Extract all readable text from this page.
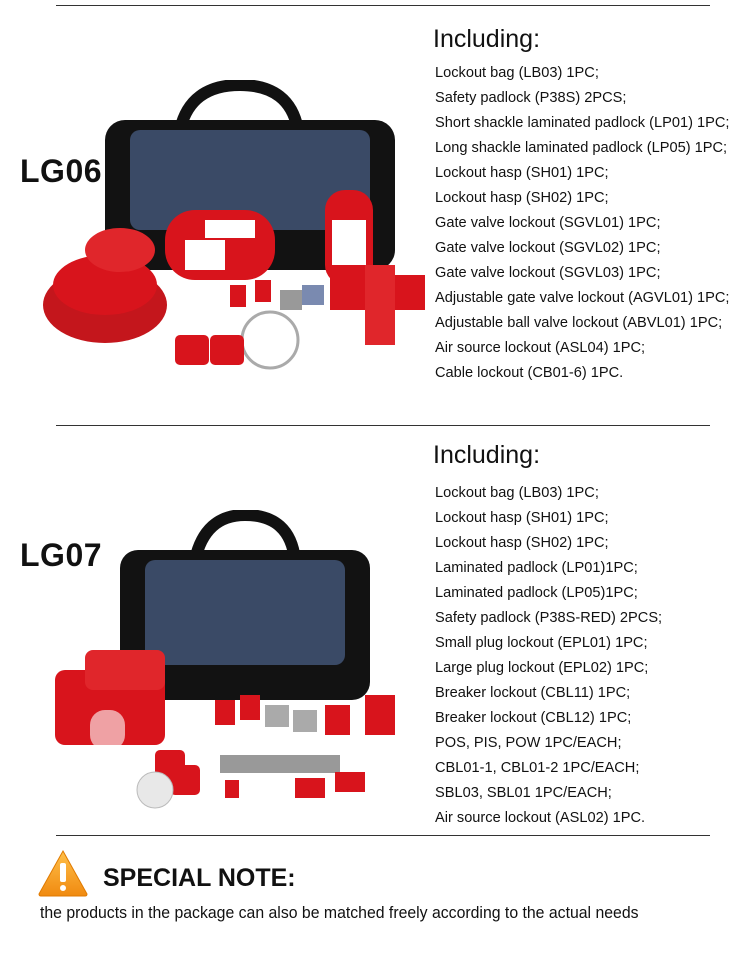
LG06
Including:
Lockout bag (LB03) 1PC;
Safety padlock (P38S) 2PCS;
Short shackle laminated padlock (LP01) 1PC;
Long shackle laminated padlock (LP05) 1PC;
Lockout hasp (SH01) 1PC;
Lockout hasp (SH02) 1PC;
Gate valve lockout (SGVL01) 1PC;
Gate valve lockout (SGVL02) 1PC;
Gate valve lockout (SGVL03) 1PC;
Adjustable gate valve lockout (AGVL01) 1PC;
Adjustable ball valve lockout (ABVL01) 1PC;
Air source lockout (ASL04) 1PC;
Cable lockout (CB01-6) 1PC.
LG07
Including:
Lockout bag (LB03) 1PC;
Lockout hasp (SH01) 1PC;
Lockout hasp (SH02) 1PC;
Laminated padlock (LP01)1PC;
Laminated padlock (LP05)1PC;
Safety padlock (P38S-RED) 2PCS;
Small plug lockout (EPL01) 1PC;
Large plug lockout (EPL02) 1PC;
Breaker lockout (CBL11) 1PC;
Breaker lockout (CBL12) 1PC;
POS, PIS, POW 1PC/EACH;
CBL01-1, CBL01-2 1PC/EACH;
SBL03, SBL01 1PC/EACH;
Air source lockout (ASL02) 1PC.
SPECIAL NOTE:
the products in the package can also be matched freely according to the actual needs
